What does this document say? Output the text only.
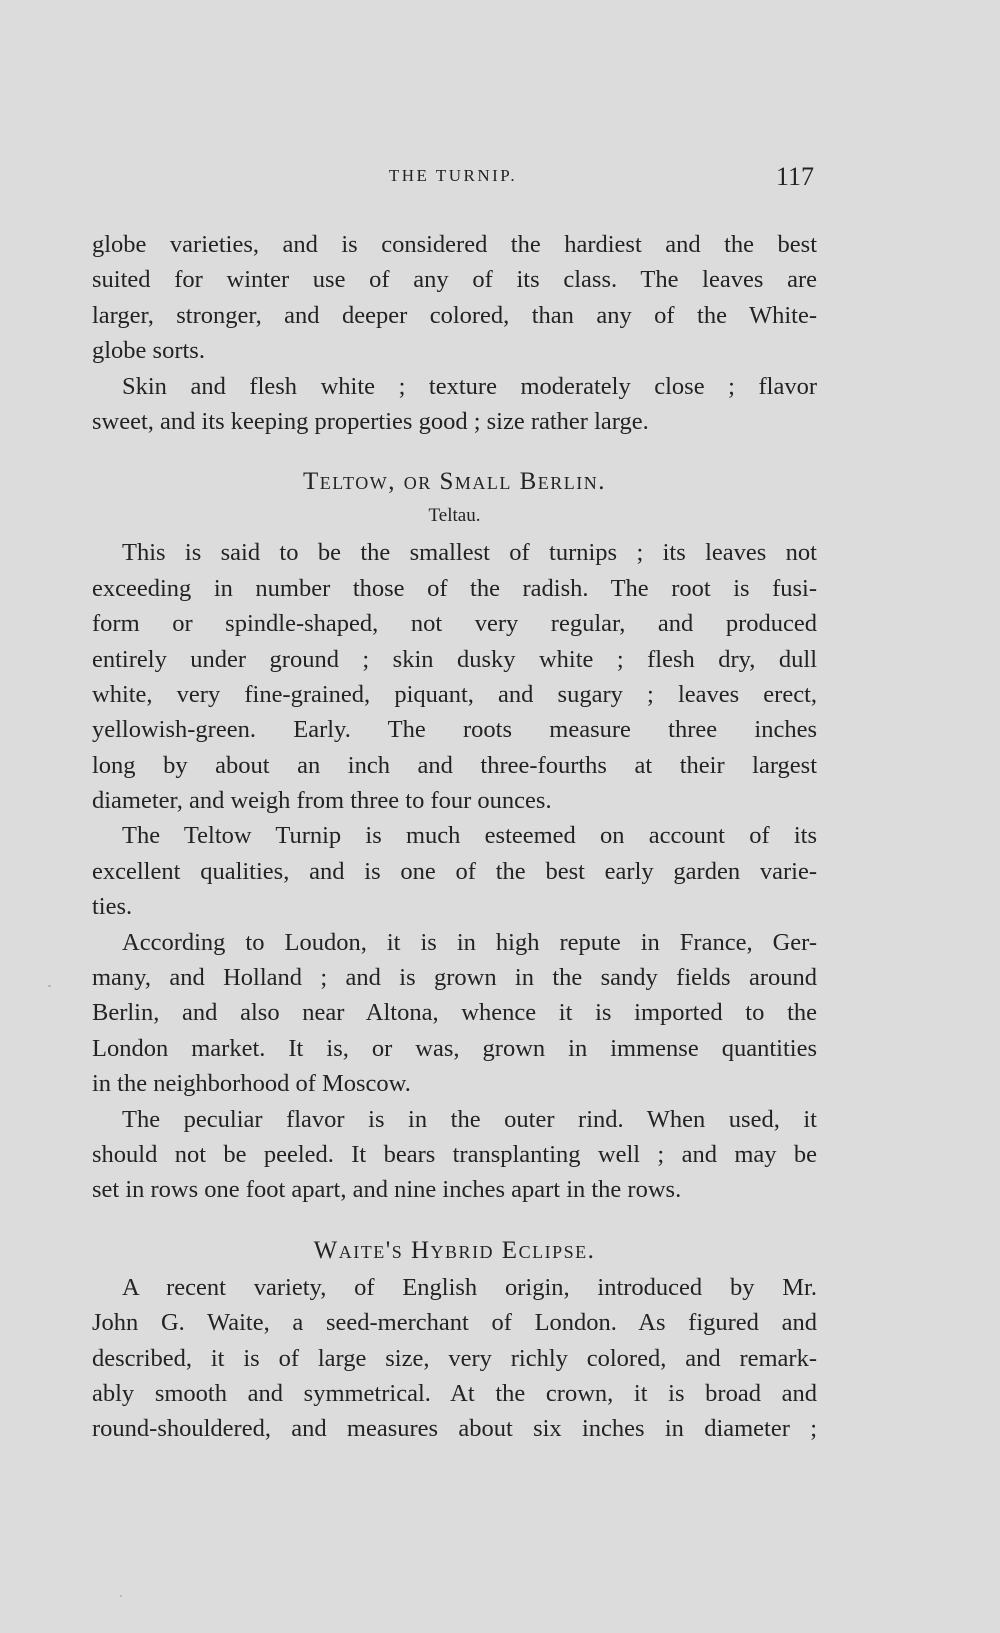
THE TURNIP.	117
globe varieties, and is considered the hardiest and the best
suited for winter use of any of its class. The leaves are
larger, stronger, and deeper colored, than any of the White-
globe sorts.
Skin and flesh white ; texture moderately close ; flavor
sweet, and its keeping properties good ; size rather large.
Teltow, or Small Berlin.
Teltau.
This is said to be the smallest of turnips ; its leaves not
exceeding in number those of the radish. The root is fusi-
form or spindle-shaped, not very regular, and produced
entirely under ground ; skin dusky white ; flesh dry, dull
white, very fine-grained, piquant, and sugary ; leaves erect,
yellowish-green. Early. The roots measure three inches
long by about an inch and three-fourths at their largest
diameter, and weigh from three to four ounces.
The Teltow Turnip is much esteemed on account of its
excellent qualities, and is one of the best early garden varie-
ties.
According to Loudon, it is in high repute in France, Ger-
many, and Holland ; and is grown in the sandy fields around
Berlin, and also near Altona, whence it is imported to the
London market. It is, or was, grown in immense quantities
in the neighborhood of Moscow.
The peculiar flavor is in the outer rind. When used, it
should not be peeled. It bears transplanting well ; and may be
set in rows one foot apart, and nine inches apart in the rows.
Waite's Hybrid Eclipse.
A recent variety, of English origin, introduced by Mr.
John G. Waite, a seed-merchant of London. As figured and
described, it is of large size, very richly colored, and remark-
ably smooth and symmetrical. At the crown, it is broad and
round-shouldered, and measures about six inches in diameter ;
